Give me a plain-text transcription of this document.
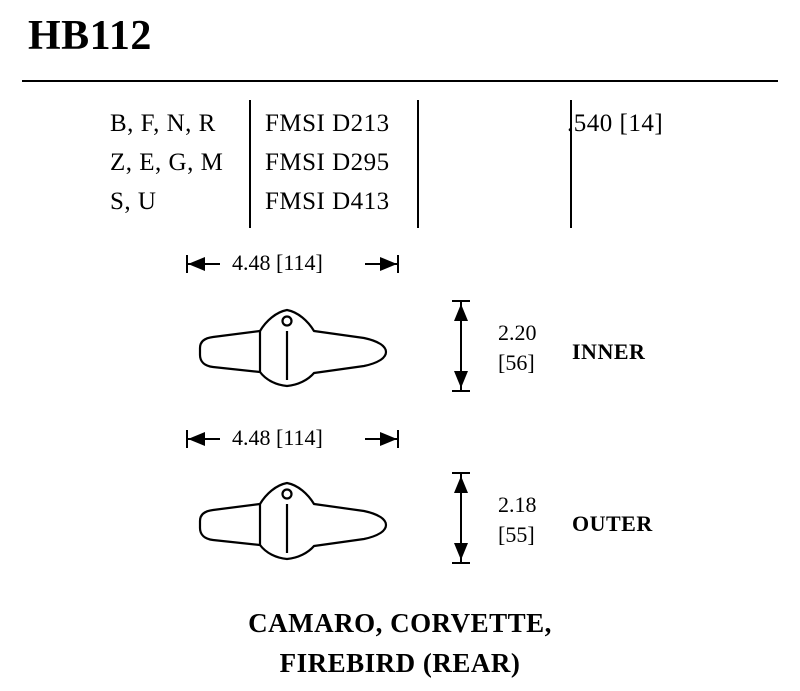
HB112
B, F, N, R
Z, E, G, M
S, U
FMSI D213
FMSI D295
FMSI D413
.540 [14]
4.48 [114]
2.20
[56] INNER
4.48 [114]
2.18
[55] OUTER
CAMARO, CORVETTE,
FIREBIRD (REAR)
